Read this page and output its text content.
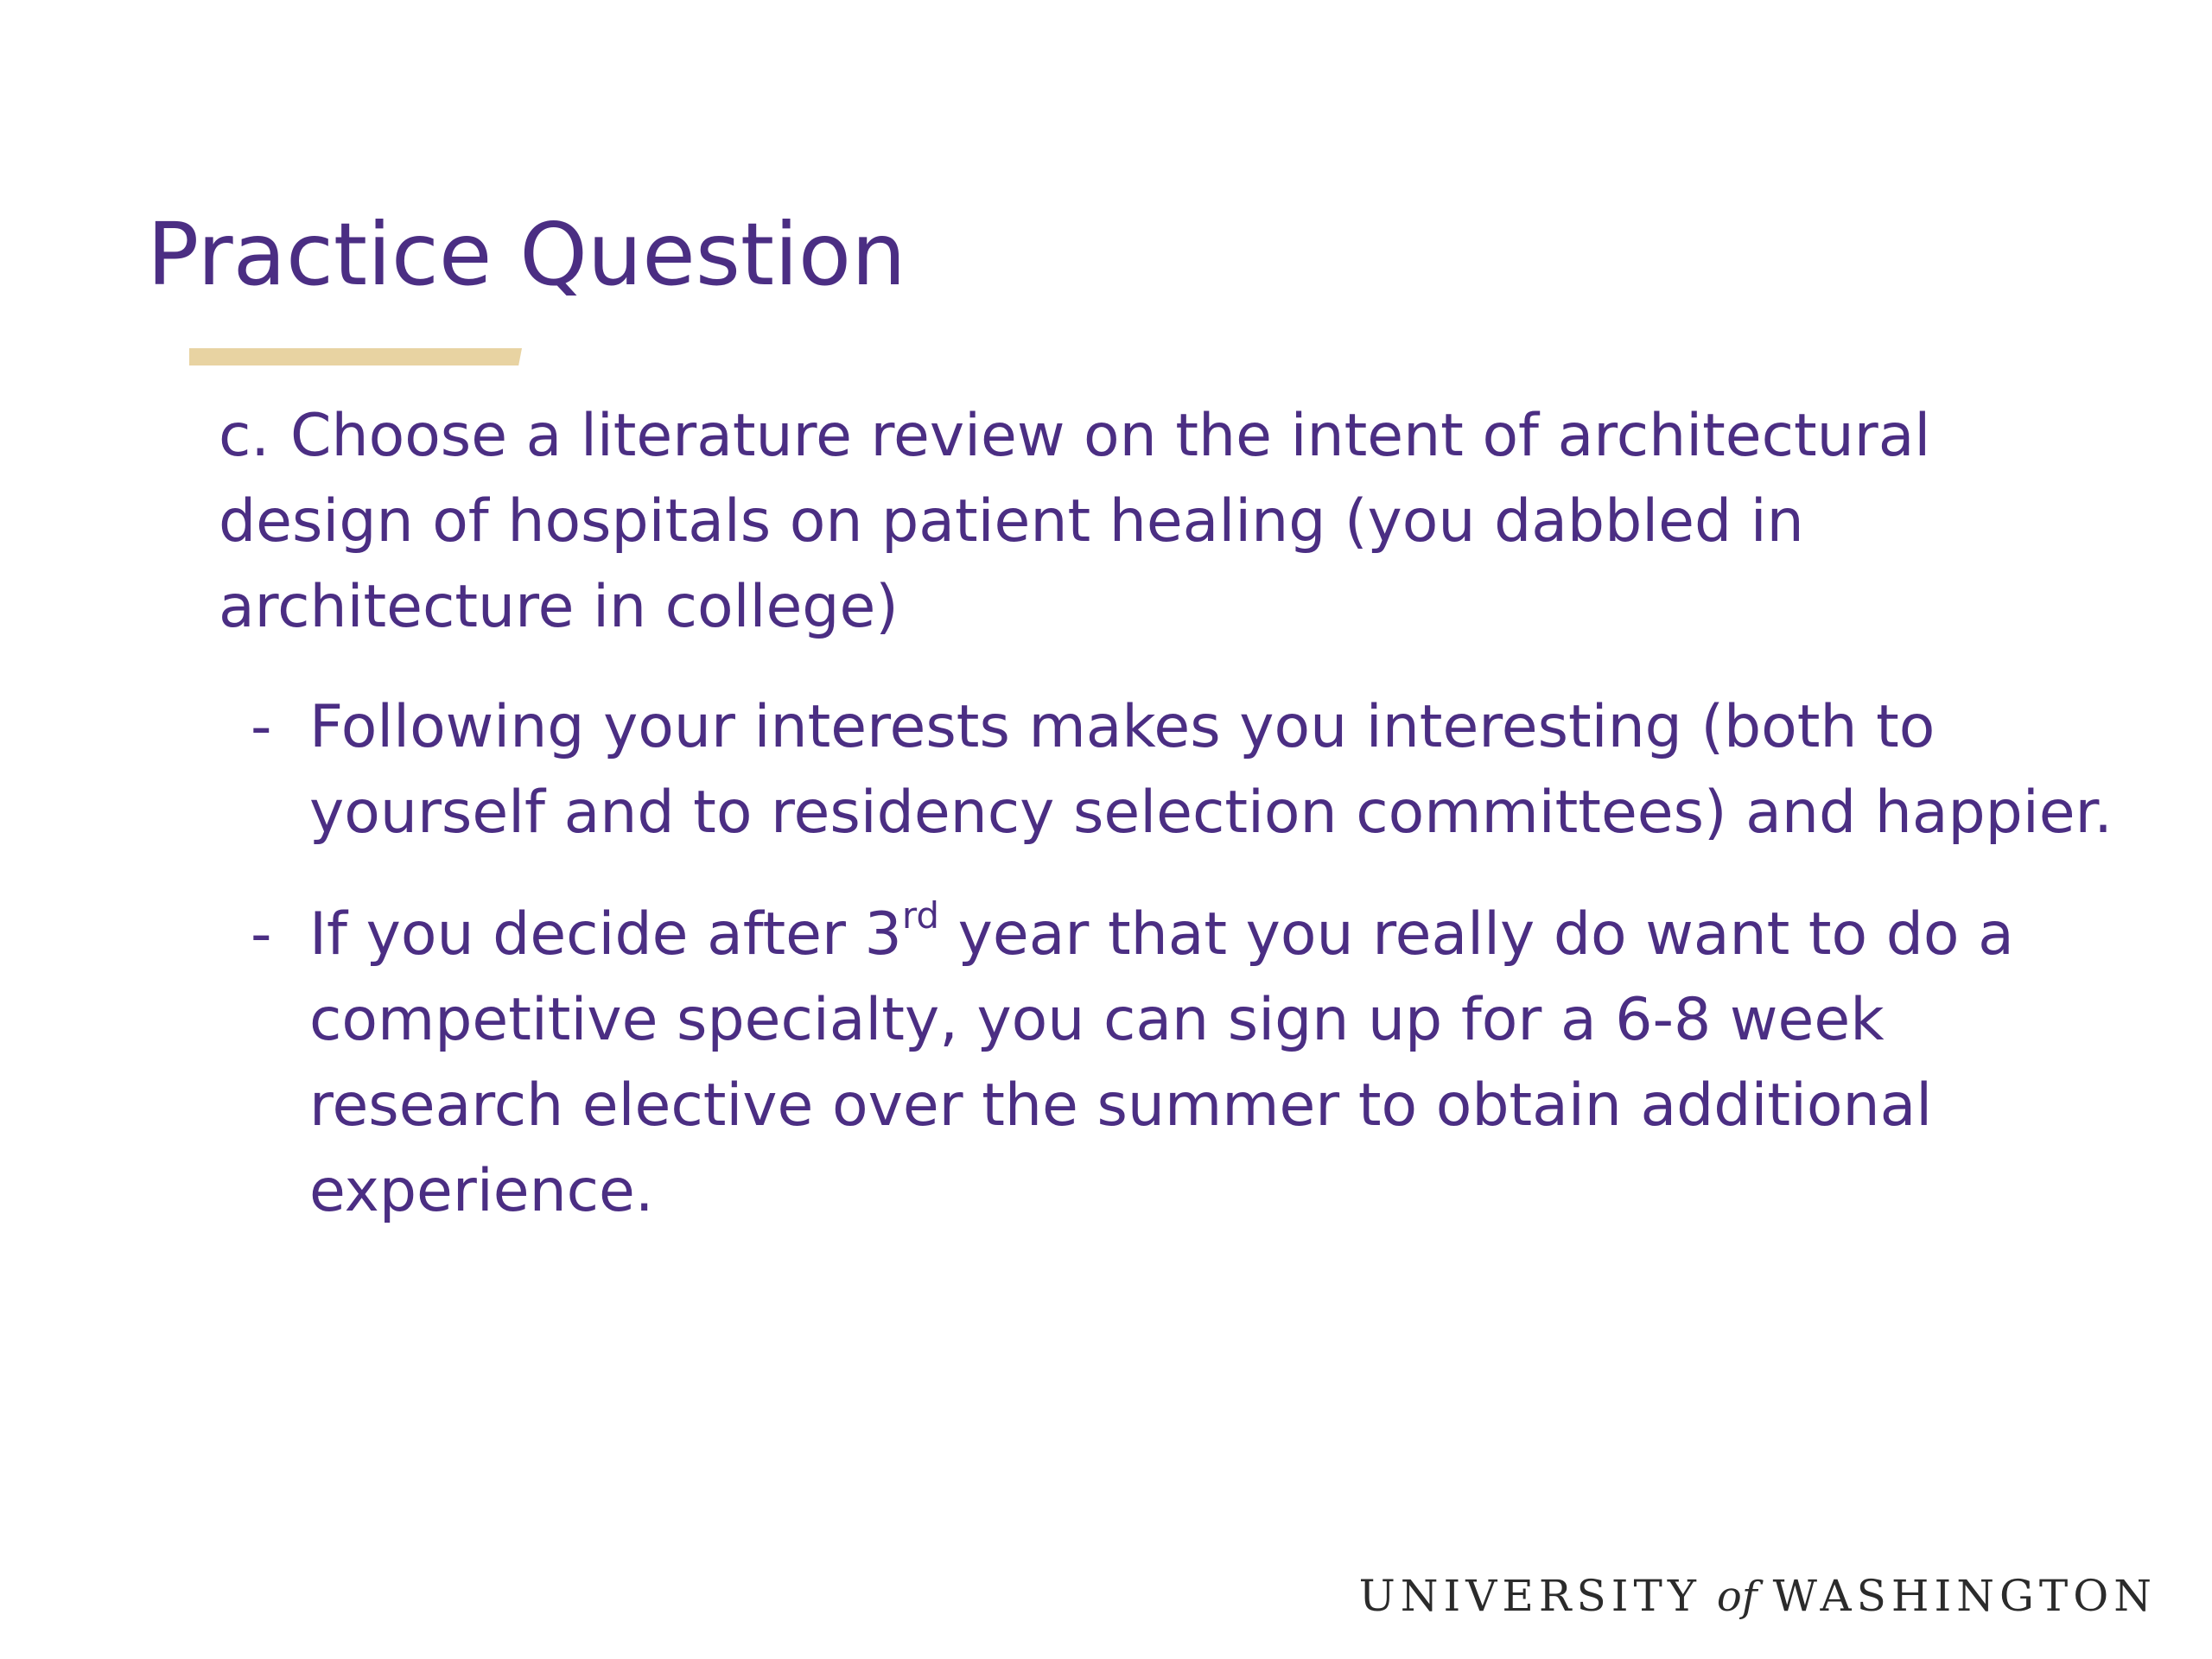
Practice Question
c. Choose a literature review on the intent of architectural design of hospitals on patient healing (you dabbled in architecture in college)
- Following your interests makes you interesting (both to yourself and to residency selection committees) and happier.
- If you decide after 3rd year that you really do want to do a competitive specialty, you can sign up for a 6-8 week research elective over the summer to obtain additional experience.
UNIVERSITY of WASHINGTON
